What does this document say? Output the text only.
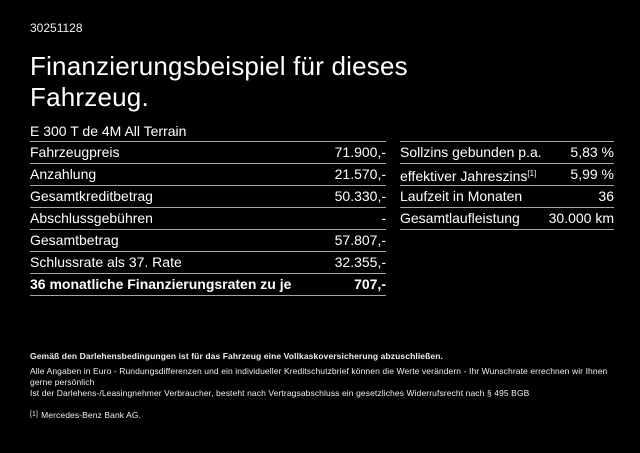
30251128
Finanzierungsbeispiel für dieses Fahrzeug.
E 300 T de 4M All Terrain
Fahrzeugpreis	71.900,-
Anzahlung	21.570,-
Gesamtkreditbetrag	50.330,-
Abschlussgebühren	-
Gesamtbetrag	57.807,-
Schlussrate als 37. Rate	32.355,-
36 monatliche Finanzierungsraten zu je	707,-
Sollzins gebunden p.a. 5,83 %
effektiver Jahreszins[1] 5,99 %
Laufzeit in Monaten	36
Gesamtlaufleistung 30.000 km
Gemäß den Darlehensbedingungen ist für das Fahrzeug eine Vollkaskoversicherung abzuschließen.
Alle Angaben in Euro - Rundungsdifferenzen und ein individueller Kreditschutzbrief können die Werte verändern - Ihr Wunschrate errechnen wir Ihnen gerne persönlich
Ist der Darlehens-/Leasingnehmer Verbraucher, besteht nach Vertragsabschluss ein gesetzliches Widerrufsrecht nach § 495 BGB
[1] Mercedes-Benz Bank AG.
